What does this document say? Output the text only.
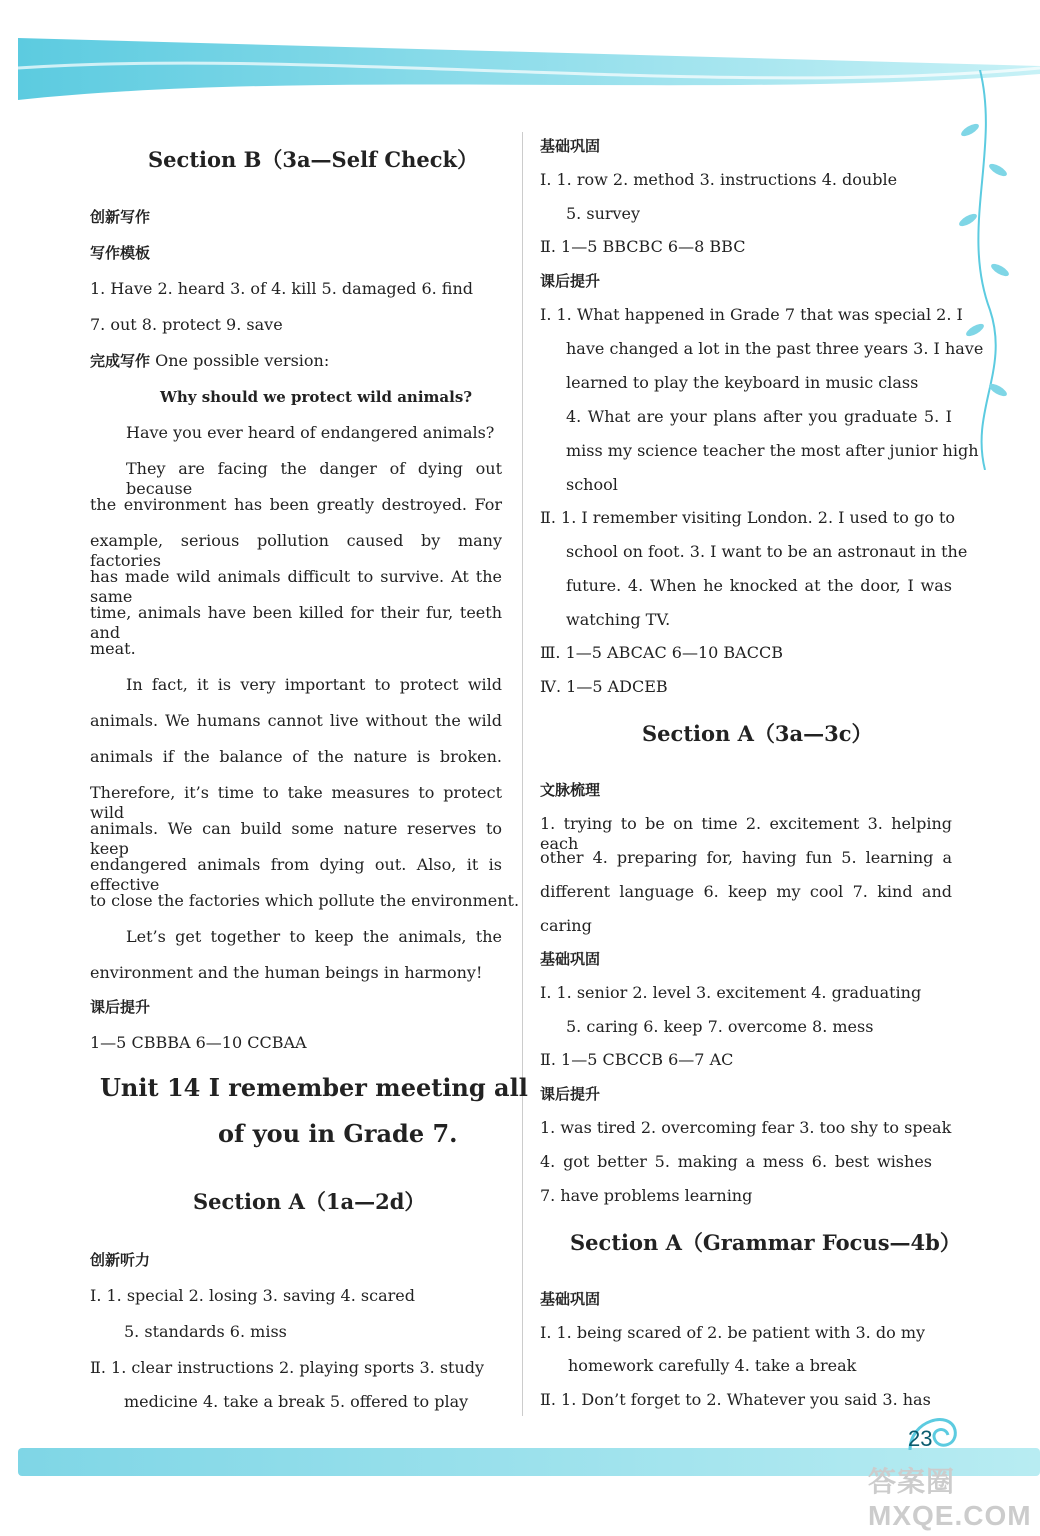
Section B（3a—Self Check）
创新写作
写作模板
1. Have 2. heard 3. of 4. kill 5. damaged 6. find
7. out 8. protect 9. save
完成写作 One possible version:
Why should we protect wild animals?
Have you ever heard of endangered animals?
They are facing the danger of dying out because
the environment has been greatly destroyed. For
example, serious pollution caused by many factories
has made wild animals difficult to survive. At the same
time, animals have been killed for their fur, teeth and
meat.
In fact, it is very important to protect wild
animals. We humans cannot live without the wild
animals if the balance of the nature is broken.
Therefore, it’s time to take measures to protect wild
animals. We can build some nature reserves to keep
endangered animals from dying out. Also, it is effective
to close the factories which pollute the environment.
Let’s get together to keep the animals, the
environment and the human beings in harmony!
课后提升
1—5 CBBBA 6—10 CCBAA
Unit 14 I remember meeting all
of you in Grade 7.
Section A（1a—2d）
创新听力
Ⅰ. 1. special 2. losing 3. saving 4. scared
5. standards 6. miss
Ⅱ. 1. clear instructions 2. playing sports 3. study
medicine 4. take a break 5. offered to play
基础巩固
Ⅰ. 1. row 2. method 3. instructions 4. double
5. survey
Ⅱ. 1—5 BBCBC 6—8 BBC
课后提升
Ⅰ. 1. What happened in Grade 7 that was special 2. I
have changed a lot in the past three years 3. I have
learned to play the keyboard in music class
4. What are your plans after you graduate 5. I
miss my science teacher the most after junior high
school
Ⅱ. 1. I remember visiting London. 2. I used to go to
school on foot. 3. I want to be an astronaut in the
future. 4. When he knocked at the door, I was
watching TV.
Ⅲ. 1—5 ABCAC 6—10 BACCB
Ⅳ. 1—5 ADCEB
Section A（3a—3c）
文脉梳理
1. trying to be on time 2. excitement 3. helping each
other 4. preparing for, having fun 5. learning a
different language 6. keep my cool 7. kind and
caring
基础巩固
Ⅰ. 1. senior 2. level 3. excitement 4. graduating
5. caring 6. keep 7. overcome 8. mess
Ⅱ. 1—5 CBCCB 6—7 AC
课后提升
1. was tired 2. overcoming fear 3. too shy to speak
4. got better 5. making a mess 6. best wishes
7. have problems learning
Section A（Grammar Focus—4b）
基础巩固
Ⅰ. 1. being scared of 2. be patient with 3. do my
homework carefully 4. take a break
Ⅱ. 1. Don’t forget to 2. Whatever you said 3. has
23
答案圈 MXQE.COM
